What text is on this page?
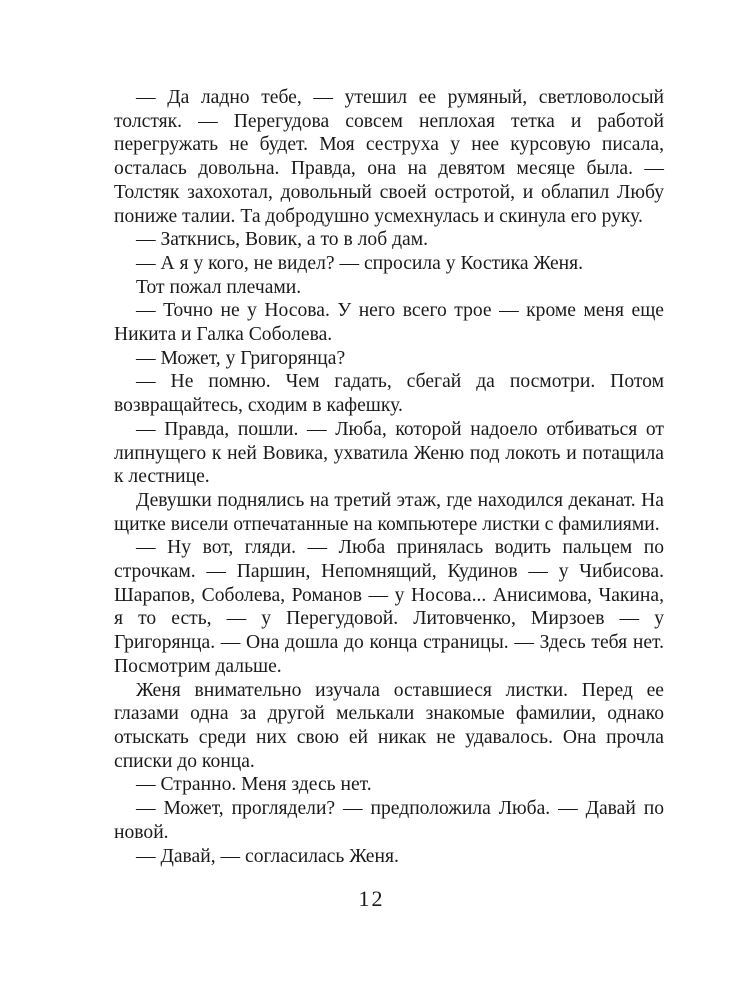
— Да ладно тебе, — утешил ее румяный, светловолосый толстяк. — Перегудова совсем неплохая тетка и работой перегружать не будет. Моя сеструха у нее курсовую писала, осталась довольна. Правда, она на девятом месяце была. — Толстяк захохотал, довольный своей остротой, и облапил Любу пониже талии. Та добродушно усмехнулась и скинула его руку.

— Заткнись, Вовик, а то в лоб дам.

— А я у кого, не видел? — спросила у Костика Женя.

Тот пожал плечами.

— Точно не у Носова. У него всего трое — кроме меня еще Никита и Галка Соболева.

— Может, у Григорянца?

— Не помню. Чем гадать, сбегай да посмотри. Потом возвращайтесь, сходим в кафешку.

— Правда, пошли. — Люба, которой надоело отбиваться от липнущего к ней Вовика, ухватила Женю под локоть и потащила к лестнице.

Девушки поднялись на третий этаж, где находился деканат. На щитке висели отпечатанные на компьютере листки с фамилиями.

— Ну вот, гляди. — Люба принялась водить пальцем по строчкам. — Паршин, Непомнящий, Кудинов — у Чибисова. Шарапов, Соболева, Романов — у Носова... Анисимова, Чакина, я то есть, — у Перегудовой. Литовченко, Мирзоев — у Григорянца. — Она дошла до конца страницы. — Здесь тебя нет. Посмотрим дальше.

Женя внимательно изучала оставшиеся листки. Перед ее глазами одна за другой мелькали знакомые фамилии, однако отыскать среди них свою ей никак не удавалось. Она прочла списки до конца.

— Странно. Меня здесь нет.

— Может, проглядели? — предположила Люба. — Давай по новой.

— Давай, — согласилась Женя.

12
